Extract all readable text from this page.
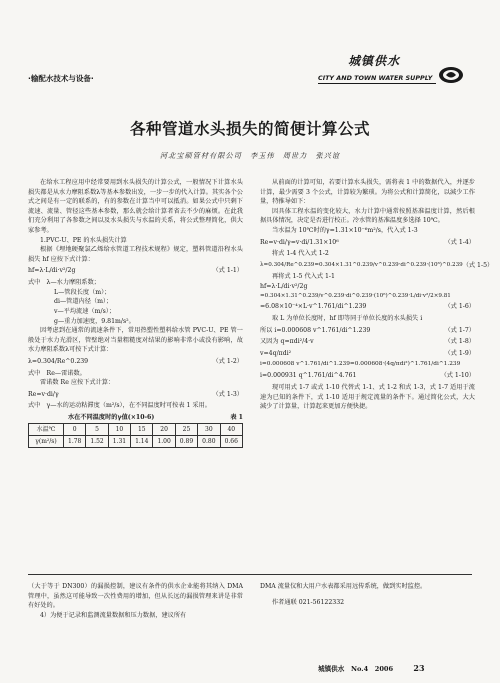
·输配水技术与设备·
城镇供水
CITY AND TOWN WATER SUPPLY
各种管道水头损失的简便计算公式
河北宝硕管材有限公司　李玉伟　周世力　张兴谊

在给水工程应用中经常要用到水头损失的计算公式，一般情况下计算水头损失都是从水力摩阻系数λ等基本参数出发，一步一步的代入计算。其实各个公式之间是有一定的联系的，有的参数在计算当中可以抵消。如果公式中只剩下流速、流量、管径这些基本参数，那么就会给计算者省去不少的麻烦。在此我们充分利用了各参数之间以及水头损失与水温的关系，将公式整理简化，供大家参考。

1.PVC-U、PE 的水头损失计算

根据《埋地硬聚氯乙烯给水管道工程技术规程》规定，塑料管道沿程水头损失 hf 应按下式计算：

hf=λ·L/di·v²/2g	（式 1-1）
式中　λ—水力摩阻系数；
L—管段长度（m）；
di—管道内径（m）；
v—平均流速（m/s）；
g—重力加速度，9.81m/s²。

因考虑到在通常的流速条件下，常用热塑性塑料给水管 PVC-U、PE 管一般处于水力光滑区，管壁绝对当量粗糙度对结果的影响非常小或没有影响，故水力摩阻系数λ可按下式计算：

λ=0.304/Re^0.239	（式 1-2）

式中　Re—雷诺数。

雷诺数 Re 应按下式计算：

Re=v·di/γ	（式 1-3）

式中　γ—水的运动粘滞度（m²/s），在不同温度时可按表 1 采用。

水在不同温度时的γ值(×10-6)	表 1
水温℃	0	5	10	15	20	25	30	40
γ(m²/s)	1.78	1.52	1.31	1.14	1.00	0.89	0.80	0.66

从前面的计算可知，若要计算水头损失，需将表 1 中的数据代入，并逐步计算，最少需要 3 个公式，计算较为繁琐。为将公式和计算简化，以減少工作量，特推导如下：

因具体工程水温的变化较大，水力计算中通常按照基准温度计算，然后根据具体情况，决定是否进行校正。冷水管的基准温度多选择 10℃。

当水温为 10℃时的γ=1.31×10⁻⁶m²/s，代入式 1-3

Re=v·di/γ=v·di/1.31×10⁶	（式 1-4）

将式 1-4 代入式 1-2

λ=0.304/Re^0.239=0.304×1.31^0.239/v^0.239·di^0.239·(10⁶)^0.239 （式 1-5）

再将式 1-5 代入式 1-1

hf=λ·L/di·v²/2g
=0.304×1.31^0.239/v^0.239·di^0.239·(10⁶)^0.239·L/di·v²/2×9.81
=6.08×10⁻⁴×L·v^1.761/di^1.239	（式 1-6）

取 L 为单位长度时，hf 即等同于单位长度的水头损失 i

所以 i=0.000608 v^1.761/di^1.239	（式 1-7）
又因为 q=πdi²/4·v	（式 1-8）
v=4q/πdi²	（式 1-9）
i=0.000608 v^1.761/di^1.239=0.000608·(4q/πdi²)^1.761/di^1.239
i=0.000931 q^1.761/di^4.761	（式 1-10）

现可用式 1-7 或式 1-10 代替式 1-1、式 1-2 和式 1-3，式 1-7 适用于流速为已知的条件下，式 1-10 适用于规定流量的条件下。通过简化公式，大大減少了计算量，计算起来更加方便快捷。

（大于等于 DN300）的漏损控制，建议有条件的供水企业能将其纳入 DMA 管理中，虽然这可能导致一次性费用的增加，但从长远的漏损管理来讲是非常有好处的。

4）为便于记录和监测流量数据和压力数据，建议所有

DMA 流量仪和大用户水表都采用远传系统，做到实时监控。

作者通联 021-56122332

城镇供水　No.4　2006	23
